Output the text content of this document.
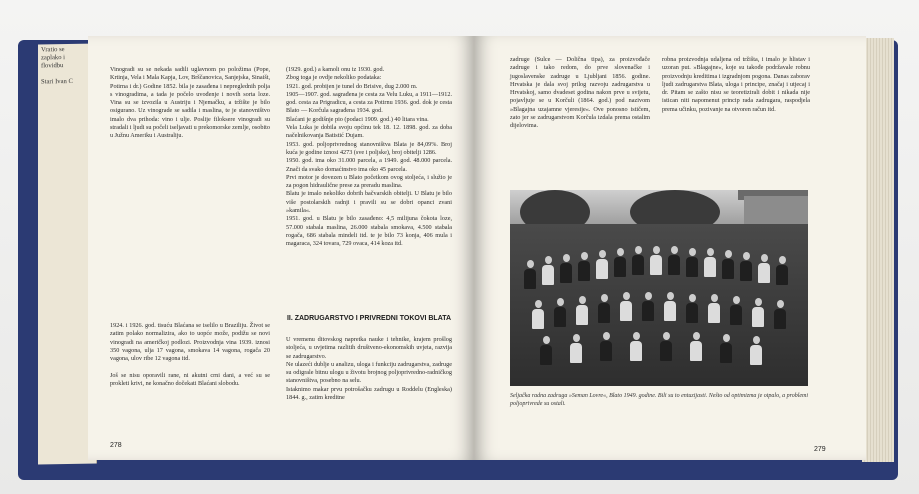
Vratio se
zaplako i
flovidbu

Stari Ivan C
Vinogradi su se nekada sadili uglavnom po položima (Pope, Krtinja, Vela i Mala Kapja, Lov, Brščanovica, Sanjejska, Sinaišt, Potirna i dr.) Godine 1852. bila je zasađena i nepreglednih polja s vinogradima, a tada je počelo uvođenje i novih sorta loze. Vina su se izvozila u Austriju i Njemačku, a tržište je bilo osigurano. Uz vinograde se sadila i maslina, te je stanovništvo imalo dva prihoda: vino i ulje. Poslije filoksere vinogradi su stradali i ljudi su počeli iseljavati u prekomorske zemlje, osobito u Južnu Ameriku i Australiju.
1924. i 1926. god. tisuću Blaćana se iselilo u Braziliju. Život se zatim polako normalizira, ako to uopće može, podižu se novi vinogradi na američkoj podlozi. Proizvodnja vina 1939. iznosi 350 vagona, ulja 17 vagona, smokava 14 vagona, rogača 20 vagona, ulov ribe 12 vagona itd.

Još se nisu oporavili rane, ni akutni crni dani, a već su se prokleti krivi, ne konačno dočekati Blaćani slobodu.
(1929. god.) a kamoli onu iz 1930. god.
Zbog toga je ovdje nekoliko podataka:
1921. god. probijen je tunel do Brisive, dug 2.000 m.
1905—1907. god. sagrađena je cesta za Velu Luku, a 1911—1912. god. cesta za Prigradicu, a cesta za Potirnu 1936. god. dok je cesta Blato — Korčula sagrađena 1934. god.
Blaćani je godišnje pio (podaci 1909. god.) 40 litara vina.
Vela Luka je dobila svoju općinu tek 18. 12. 1898. god. za doba načelnikovanja Batistić Dujam.
1953. god. poljoprivrednog stanovništva Blata je 84,09%. Broj kuća je godine iznosi 4273 (sve i poljske), broj obitelji 1286.
1950. god. ima oko 31.000 parcela, a 1949. god. 48.000 parcela. Znači da svako domaćinstvo ima oko 45 parcela.
Prvi motor je dovezen u Blato početkom ovog stoljeća, i služio je za pogon hidraulične prese za preradu maslina.
Blatu je imalo nekoliko dobrih bačvarskih obitelji. U Blatu je bilo više postolarskih radnji i pravili su se dobri opanci zvani »kamila«.
1951. god. u Blatu je bilo zasađeno: 4,5 milijuna čokota loze, 57.000 stabala maslina, 26.000 stabala smokava, 4.500 stabala rogača, 686 stabala mindeli itd. te je bilo 73 konja, 406 mula i magaraca, 324 tovara, 729 ovaca, 414 koza itd.
II. ZADRUGARSTVO I PRIVREDNI TOKOVI BLATA
U vremenu ditovskog napretka nauke i tehnike, krajem prošlog stoljeća, u uvjetima razlitih društveno-ekonomskih uvjeta, razvija se zadrugarstvo.
Ne ulazeći dublje u analizu, uloga i funkciju zadrugarstva, zadruge su odigrale bitnu ulogu u životu brojnog poljoprivredno-radničkog stanovništva, posebno na selu.
Istaknimo makar prvu potrošačku zadrugu u Roddelu (Engleska) 1844. g., zatim kreditne
278
zadruge (Sulce — Dolična tipa), za proizvođače zadruge i tako redom, do prve slovenačke i jugoslavenske zadruge u Ljubljani 1856. godine. Hrvatska je dala svoj prilog razvoju zadrugarstva u Hrvatskoj, samo dvadeset godina nakon prve u svijetu, pojavljuje se u Korčuli (1864. god.) pod nazivom »Blagajna uzajamne vjeresije«. Ove ponosno ističem, zato jer se zadrugarstvom Korčula izdala prema ostalim dijelovima.
robna proizvodnja udaljena od tržišta, i imalo je hlistav i uzoran put. »Blagajne«, koje su takođe podržavale robnu proizvodnju kreditima i izgradnjom pogona. Danas zaborav ljudi zadrugarstva Blata, uloga i principe, značaj i utjecaj i dr. Pitam se zašto nisu se teoretizirali dobit i nikada nije istican niti napomenut princip rada zadrugara, raspodjela prema učinku, pozivanje na otvoren račun itd.
Seljačka radna zadruga »Seman Lovre«, Blato 1949. godine. Bili su to entuzijasti. Nešto od optimizma je otpalo, a problemi poljoprivrede su ostali.
279
